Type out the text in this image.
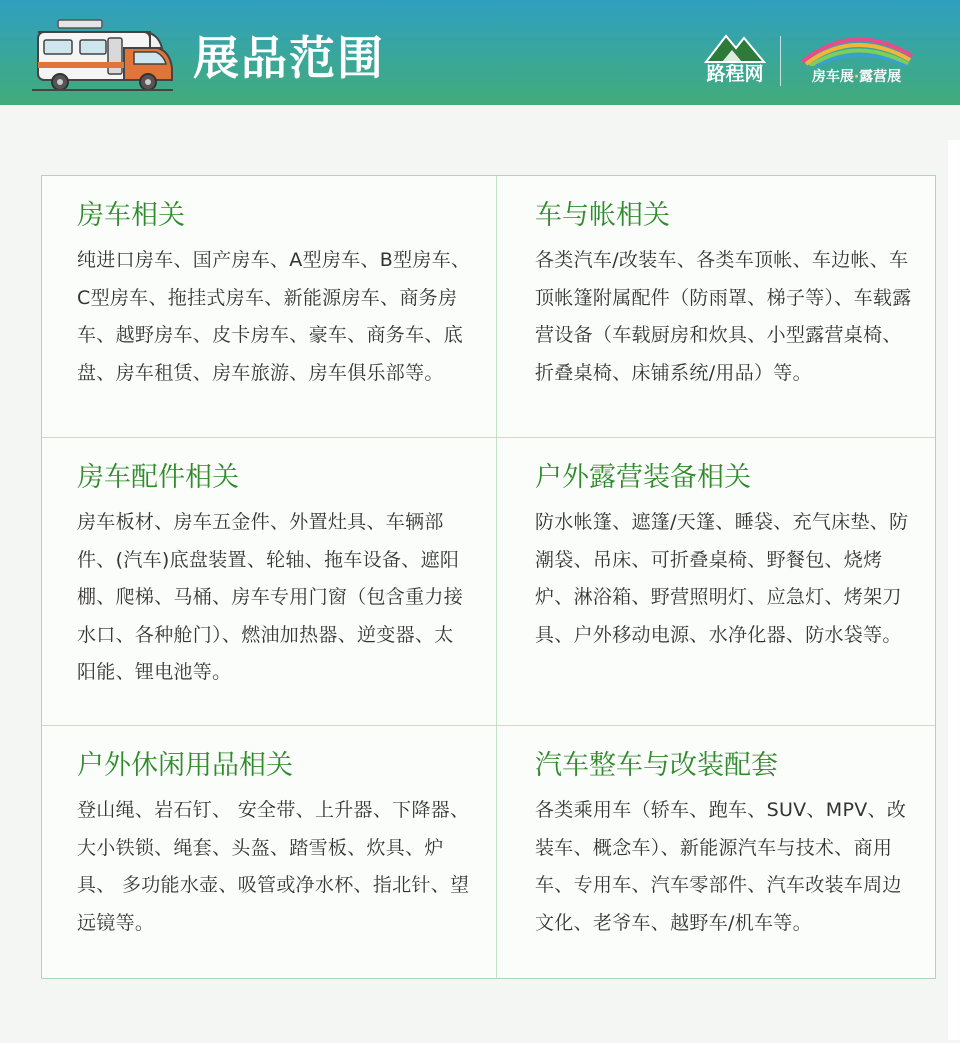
展品范围	路程网	房车展·露营展
房车相关

纯进口房车、国产房车、A型房车、B型房车、C型房车、拖挂式房车、新能源房车、商务房车、越野房车、皮卡房车、豪车、商务车、底盘、房车租赁、房车旅游、房车俱乐部等。

车与帐相关

各类汽车/改装车、各类车顶帐、车边帐、车顶帐篷附属配件（防雨罩、梯子等）、车载露营设备（车载厨房和炊具、小型露营桌椅、折叠桌椅、床铺系统/用品）等。

房车配件相关

房车板材、房车五金件、外置灶具、车辆部件、(汽车)底盘装置、轮轴、拖车设备、遮阳棚、爬梯、马桶、房车专用门窗（包含重力接水口、各种舱门）、燃油加热器、逆变器、太阳能、锂电池等。

户外露营装备相关

防水帐篷、遮篷/天篷、睡袋、充气床垫、防潮袋、吊床、可折叠桌椅、野餐包、烧烤炉、淋浴箱、野营照明灯、应急灯、烤架刀具、户外移动电源、水净化器、防水袋等。

户外休闲用品相关

登山绳、岩石钉、 安全带、上升器、下降器、大小铁锁、绳套、头盔、踏雪板、炊具、炉具、 多功能水壶、吸管或净水杯、指北针、望远镜等。

汽车整车与改装配套

各类乘用车（轿车、跑车、SUV、MPV、改装车、概念车）、新能源汽车与技术、商用车、专用车、汽车零部件、汽车改装车周边文化、老爷车、越野车/机车等。
